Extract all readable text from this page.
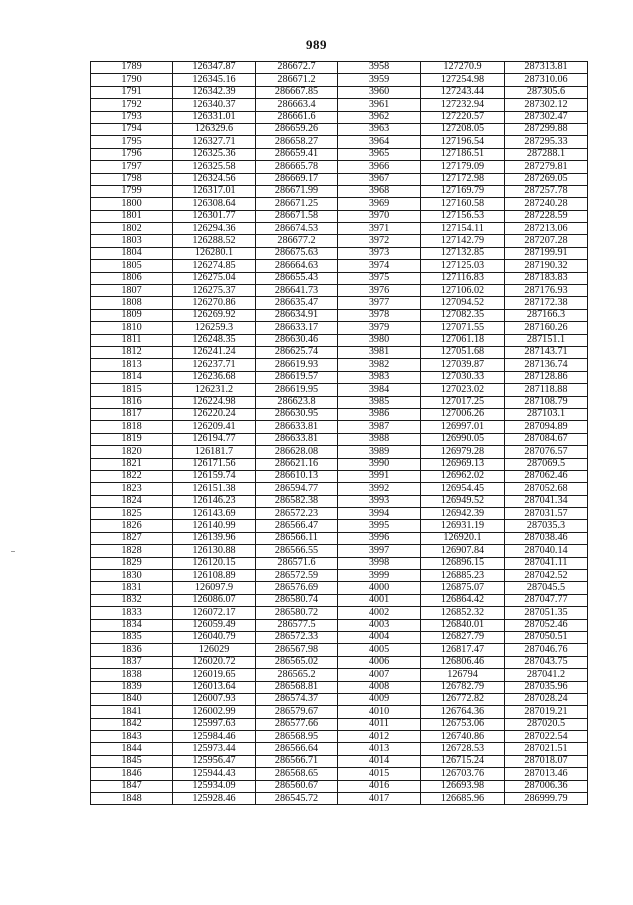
989
1789	126347.87	286672.7	3958	127270.9	287313.81
1790	126345.16	286671.2	3959	127254.98	287310.06
1791	126342.39	286667.85	3960	127243.44	287305.6
1792	126340.37	286663.4	3961	127232.94	287302.12
1793	126331.01	286661.6	3962	127220.57	287302.47
1794	126329.6	286659.26	3963	127208.05	287299.88
1795	126327.71	286658.27	3964	127196.54	287295.33
1796	126325.36	286659.41	3965	127186.51	287288.1
1797	126325.58	286665.78	3966	127179.09	287279.81
1798	126324.56	286669.17	3967	127172.98	287269.05
1799	126317.01	286671.99	3968	127169.79	287257.78
1800	126308.64	286671.25	3969	127160.58	287240.28
1801	126301.77	286671.58	3970	127156.53	287228.59
1802	126294.36	286674.53	3971	127154.11	287213.06
1803	126288.52	286677.2	3972	127142.79	287207.28
1804	126280.1	286675.63	3973	127132.85	287199.91
1805	126274.85	286664.63	3974	127125.03	287190.32
1806	126275.04	286655.43	3975	127116.83	287183.83
1807	126275.37	286641.73	3976	127106.02	287176.93
1808	126270.86	286635.47	3977	127094.52	287172.38
1809	126269.92	286634.91	3978	127082.35	287166.3
1810	126259.3	286633.17	3979	127071.55	287160.26
1811	126248.35	286630.46	3980	127061.18	287151.1
1812	126241.24	286625.74	3981	127051.68	287143.71
1813	126237.71	286619.93	3982	127039.87	287136.74
1814	126236.68	286619.57	3983	127030.33	287128.86
1815	126231.2	286619.95	3984	127023.02	287118.88
1816	126224.98	286623.8	3985	127017.25	287108.79
1817	126220.24	286630.95	3986	127006.26	287103.1
1818	126209.41	286633.81	3987	126997.01	287094.89
1819	126194.77	286633.81	3988	126990.05	287084.67
1820	126181.7	286628.08	3989	126979.28	287076.57
1821	126171.56	286621.16	3990	126969.13	287069.5
1822	126159.74	286610.13	3991	126962.02	287062.46
1823	126151.38	286594.77	3992	126954.45	287052.68
1824	126146.23	286582.38	3993	126949.52	287041.34
1825	126143.69	286572.23	3994	126942.39	287031.57
1826	126140.99	286566.47	3995	126931.19	287035.3
1827	126139.96	286566.11	3996	126920.1	287038.46
1828	126130.88	286566.55	3997	126907.84	287040.14
1829	126120.15	286571.6	3998	126896.15	287041.11
1830	126108.89	286572.59	3999	126885.23	287042.52
1831	126097.9	286576.69	4000	126875.07	287045.5
1832	126086.07	286580.74	4001	126864.42	287047.77
1833	126072.17	286580.72	4002	126852.32	287051.35
1834	126059.49	286577.5	4003	126840.01	287052.46
1835	126040.79	286572.33	4004	126827.79	287050.51
1836	126029	286567.98	4005	126817.47	287046.76
1837	126020.72	286565.02	4006	126806.46	287043.75
1838	126019.65	286565.2	4007	126794	287041.2
1839	126013.64	286568.81	4008	126782.79	287035.96
1840	126007.93	286574.37	4009	126772.82	287028.24
1841	126002.99	286579.67	4010	126764.36	287019.21
1842	125997.63	286577.66	4011	126753.06	287020.5
1843	125984.46	286568.95	4012	126740.86	287022.54
1844	125973.44	286566.64	4013	126728.53	287021.51
1845	125956.47	286566.71	4014	126715.24	287018.07
1846	125944.43	286568.65	4015	126703.76	287013.46
1847	125934.09	286560.67	4016	126693.98	287006.36
1848	125928.46	286545.72	4017	126685.96	286999.79
